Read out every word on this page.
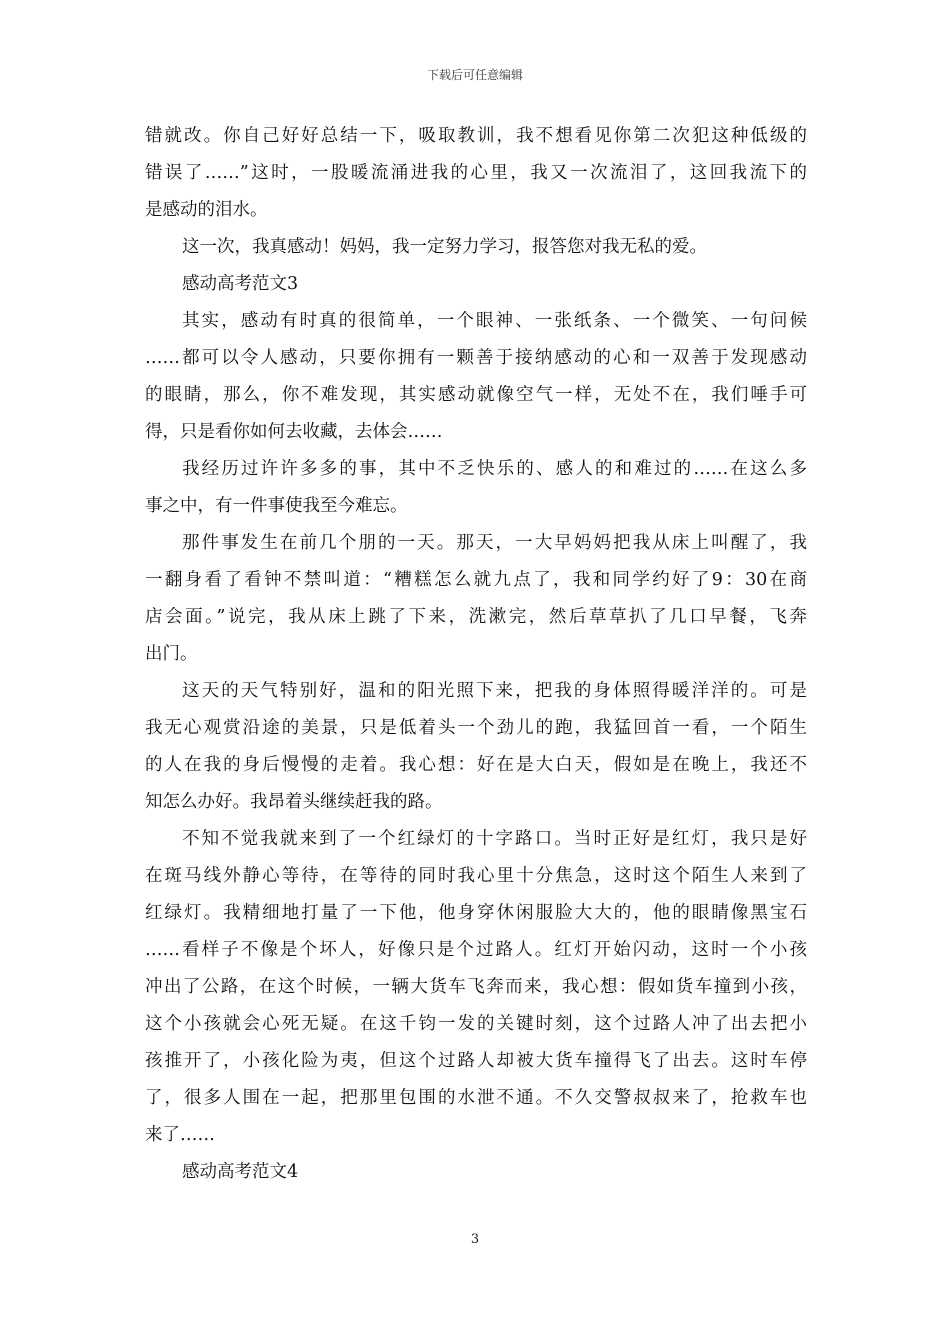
下载后可任意编辑
错就改。你自己好好总结一下，吸取教训，我不想看见你第二次犯这种低级的
错误了……”这时，一股暖流涌进我的心里，我又一次流泪了，这回我流下的
是感动的泪水。
这一次，我真感动！妈妈，我一定努力学习，报答您对我无私的爱。
感动高考范文3
其实，感动有时真的很简单，一个眼神、一张纸条、一个微笑、一句问候
……都可以令人感动，只要你拥有一颗善于接纳感动的心和一双善于发现感动
的眼睛，那么，你不难发现，其实感动就像空气一样，无处不在，我们唾手可
得，只是看你如何去收藏，去体会……
我经历过许许多多的事，其中不乏快乐的、感人的和难过的……在这么多
事之中，有一件事使我至今难忘。
那件事发生在前几个朋的一天。那天，一大早妈妈把我从床上叫醒了，我
一翻身看了看钟不禁叫道：“糟糕怎么就九点了，我和同学约好了9：30在商
店会面。”说完，我从床上跳了下来，洗漱完，然后草草扒了几口早餐，飞奔
出门。
这天的天气特别好，温和的阳光照下来，把我的身体照得暖洋洋的。可是
我无心观赏沿途的美景，只是低着头一个劲儿的跑，我猛回首一看，一个陌生
的人在我的身后慢慢的走着。我心想：好在是大白天，假如是在晚上，我还不
知怎么办好。我昂着头继续赶我的路。
不知不觉我就来到了一个红绿灯的十字路口。当时正好是红灯，我只是好
在斑马线外静心等待，在等待的同时我心里十分焦急，这时这个陌生人来到了
红绿灯。我精细地打量了一下他，他身穿休闲服脸大大的，他的眼睛像黑宝石
……看样子不像是个坏人，好像只是个过路人。红灯开始闪动，这时一个小孩
冲出了公路，在这个时候，一辆大货车飞奔而来，我心想：假如货车撞到小孩，
这个小孩就会心死无疑。在这千钧一发的关键时刻，这个过路人冲了出去把小
孩推开了，小孩化险为夷，但这个过路人却被大货车撞得飞了出去。这时车停
了，很多人围在一起，把那里包围的水泄不通。不久交警叔叔来了，抢救车也
来了……
感动高考范文4
3
